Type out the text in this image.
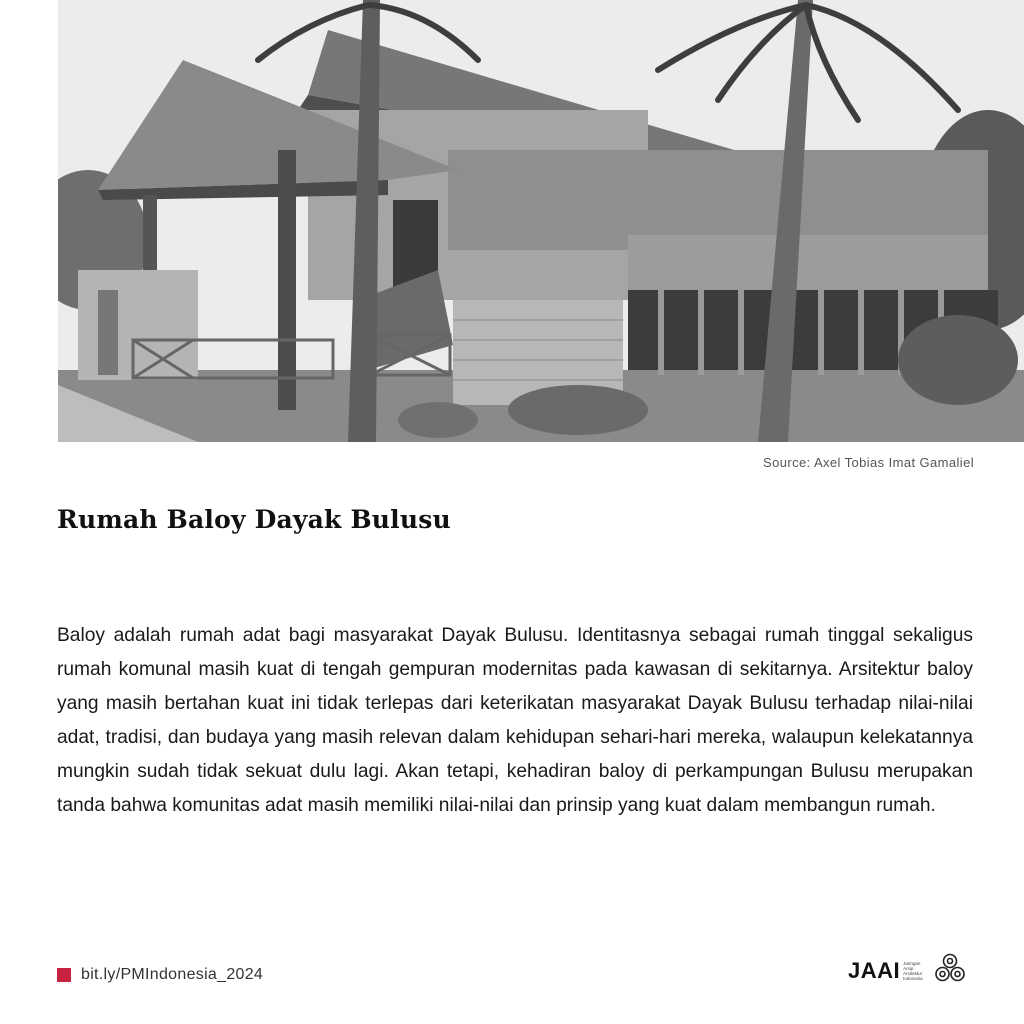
Source: Axel Tobias Imat Gamaliel
Rumah Baloy Dayak Bulusu
Baloy adalah rumah adat bagi masyarakat Dayak Bulusu. Identitasnya sebagai rumah tinggal sekaligus rumah komunal masih kuat di tengah gempuran modernitas pada kawasan di sekitarnya. Arsitektur baloy yang masih bertahan kuat ini tidak terlepas dari keterikatan masyarakat Dayak Bulusu terhadap nilai-nilai adat, tradisi, dan budaya yang masih relevan dalam kehidupan sehari-hari mereka, walaupun kelekatannya mungkin sudah tidak sekuat dulu lagi. Akan tetapi, kehadiran baloy di perkampungan Bulusu merupakan tanda bahwa komunitas adat masih memiliki nilai-nilai dan prinsip yang kuat dalam membangun rumah.
bit.ly/PMIndonesia_2024	JAAI Jaringan
Arsip
Arsitektur
Indonesia
